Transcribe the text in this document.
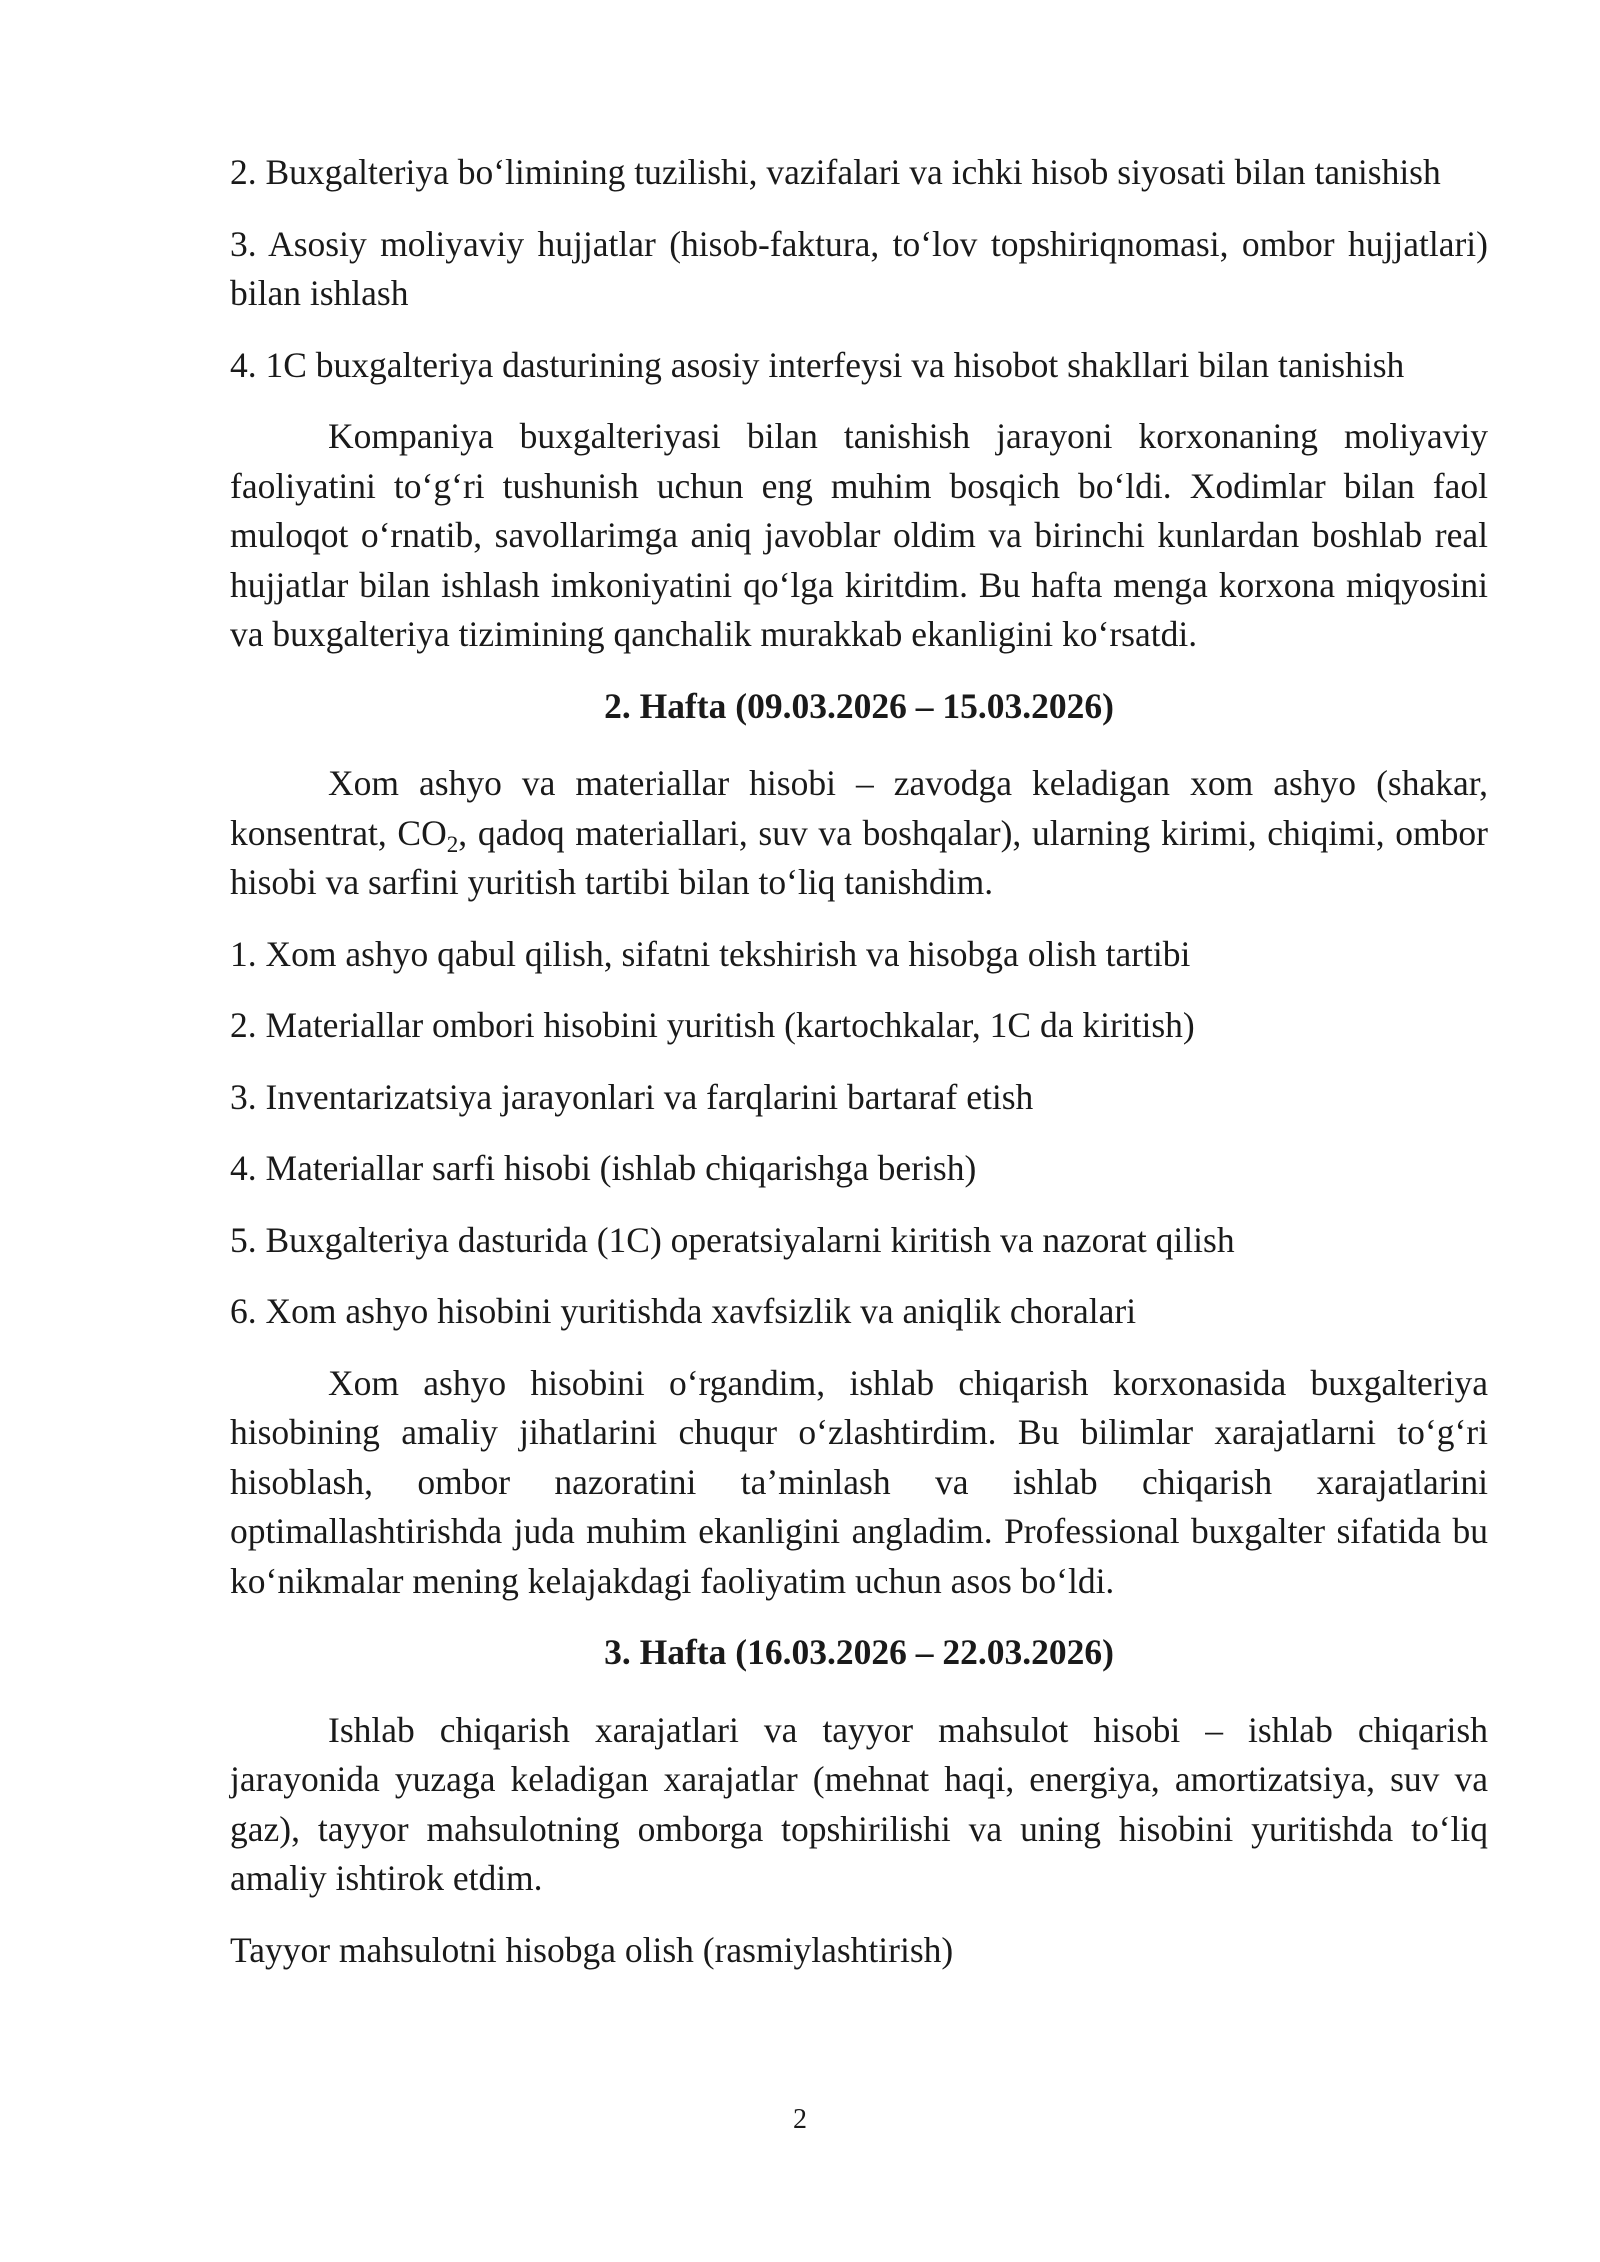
2. Buxgalteriya bo‘limining tuzilishi, vazifalari va ichki hisob siyosati bilan tanishish

3. Asosiy moliyaviy hujjatlar (hisob-faktura, to‘lov topshiriqnomasi, ombor hujjatlari) bilan ishlash

4. 1C buxgalteriya dasturining asosiy interfeysi va hisobot shakllari bilan tanishish

Kompaniya buxgalteriyasi bilan tanishish jarayoni korxonaning moliyaviy faoliyatini to‘g‘ri tushunish uchun eng muhim bosqich bo‘ldi. Xodimlar bilan faol muloqot o‘rnatib, savollarimga aniq javoblar oldim va birinchi kunlardan boshlab real hujjatlar bilan ishlash imkoniyatini qo‘lga kiritdim. Bu hafta menga korxona miqyosini va buxgalteriya tizimining qanchalik murakkab ekanligini ko‘rsatdi.

2. Hafta (09.03.2026 – 15.03.2026)

Xom ashyo va materiallar hisobi – zavodga keladigan xom ashyo (shakar, konsentrat, $CO_2$, qadoq materiallari, suv va boshqalar), ularning kirimi, chiqimi, ombor hisobi va sarfini yuritish tartibi bilan to‘liq tanishdim.

1. Xom ashyo qabul qilish, sifatni tekshirish va hisobga olish tartibi

2. Materiallar ombori hisobini yuritish (kartochkalar, 1C da kiritish)

3. Inventarizatsiya jarayonlari va farqlarini bartaraf etish

4. Materiallar sarfi hisobi (ishlab chiqarishga berish)

5. Buxgalteriya dasturida (1C) operatsiyalarni kiritish va nazorat qilish

6. Xom ashyo hisobini yuritishda xavfsizlik va aniqlik choralari

Xom ashyo hisobini o‘rgandim, ishlab chiqarish korxonasida buxgalteriya hisobining amaliy jihatlarini chuqur o‘zlashtirdim. Bu bilimlar xarajatlarni to‘g‘ri hisoblash, ombor nazoratini ta’minlash va ishlab chiqarish xarajatlarini optimallashtirishda juda muhim ekanligini angladim. Professional buxgalter sifatida bu ko‘nikmalar mening kelajakdagi faoliyatim uchun asos bo‘ldi.

3. Hafta (16.03.2026 – 22.03.2026)

Ishlab chiqarish xarajatlari va tayyor mahsulot hisobi – ishlab chiqarish jarayonida yuzaga keladigan xarajatlar (mehnat haqi, energiya, amortizatsiya, suv va gaz), tayyor mahsulotning omborga topshirilishi va uning hisobini yuritishda to‘liq amaliy ishtirok etdim.

Tayyor mahsulotni hisobga olish (rasmiylashtirish)

2
